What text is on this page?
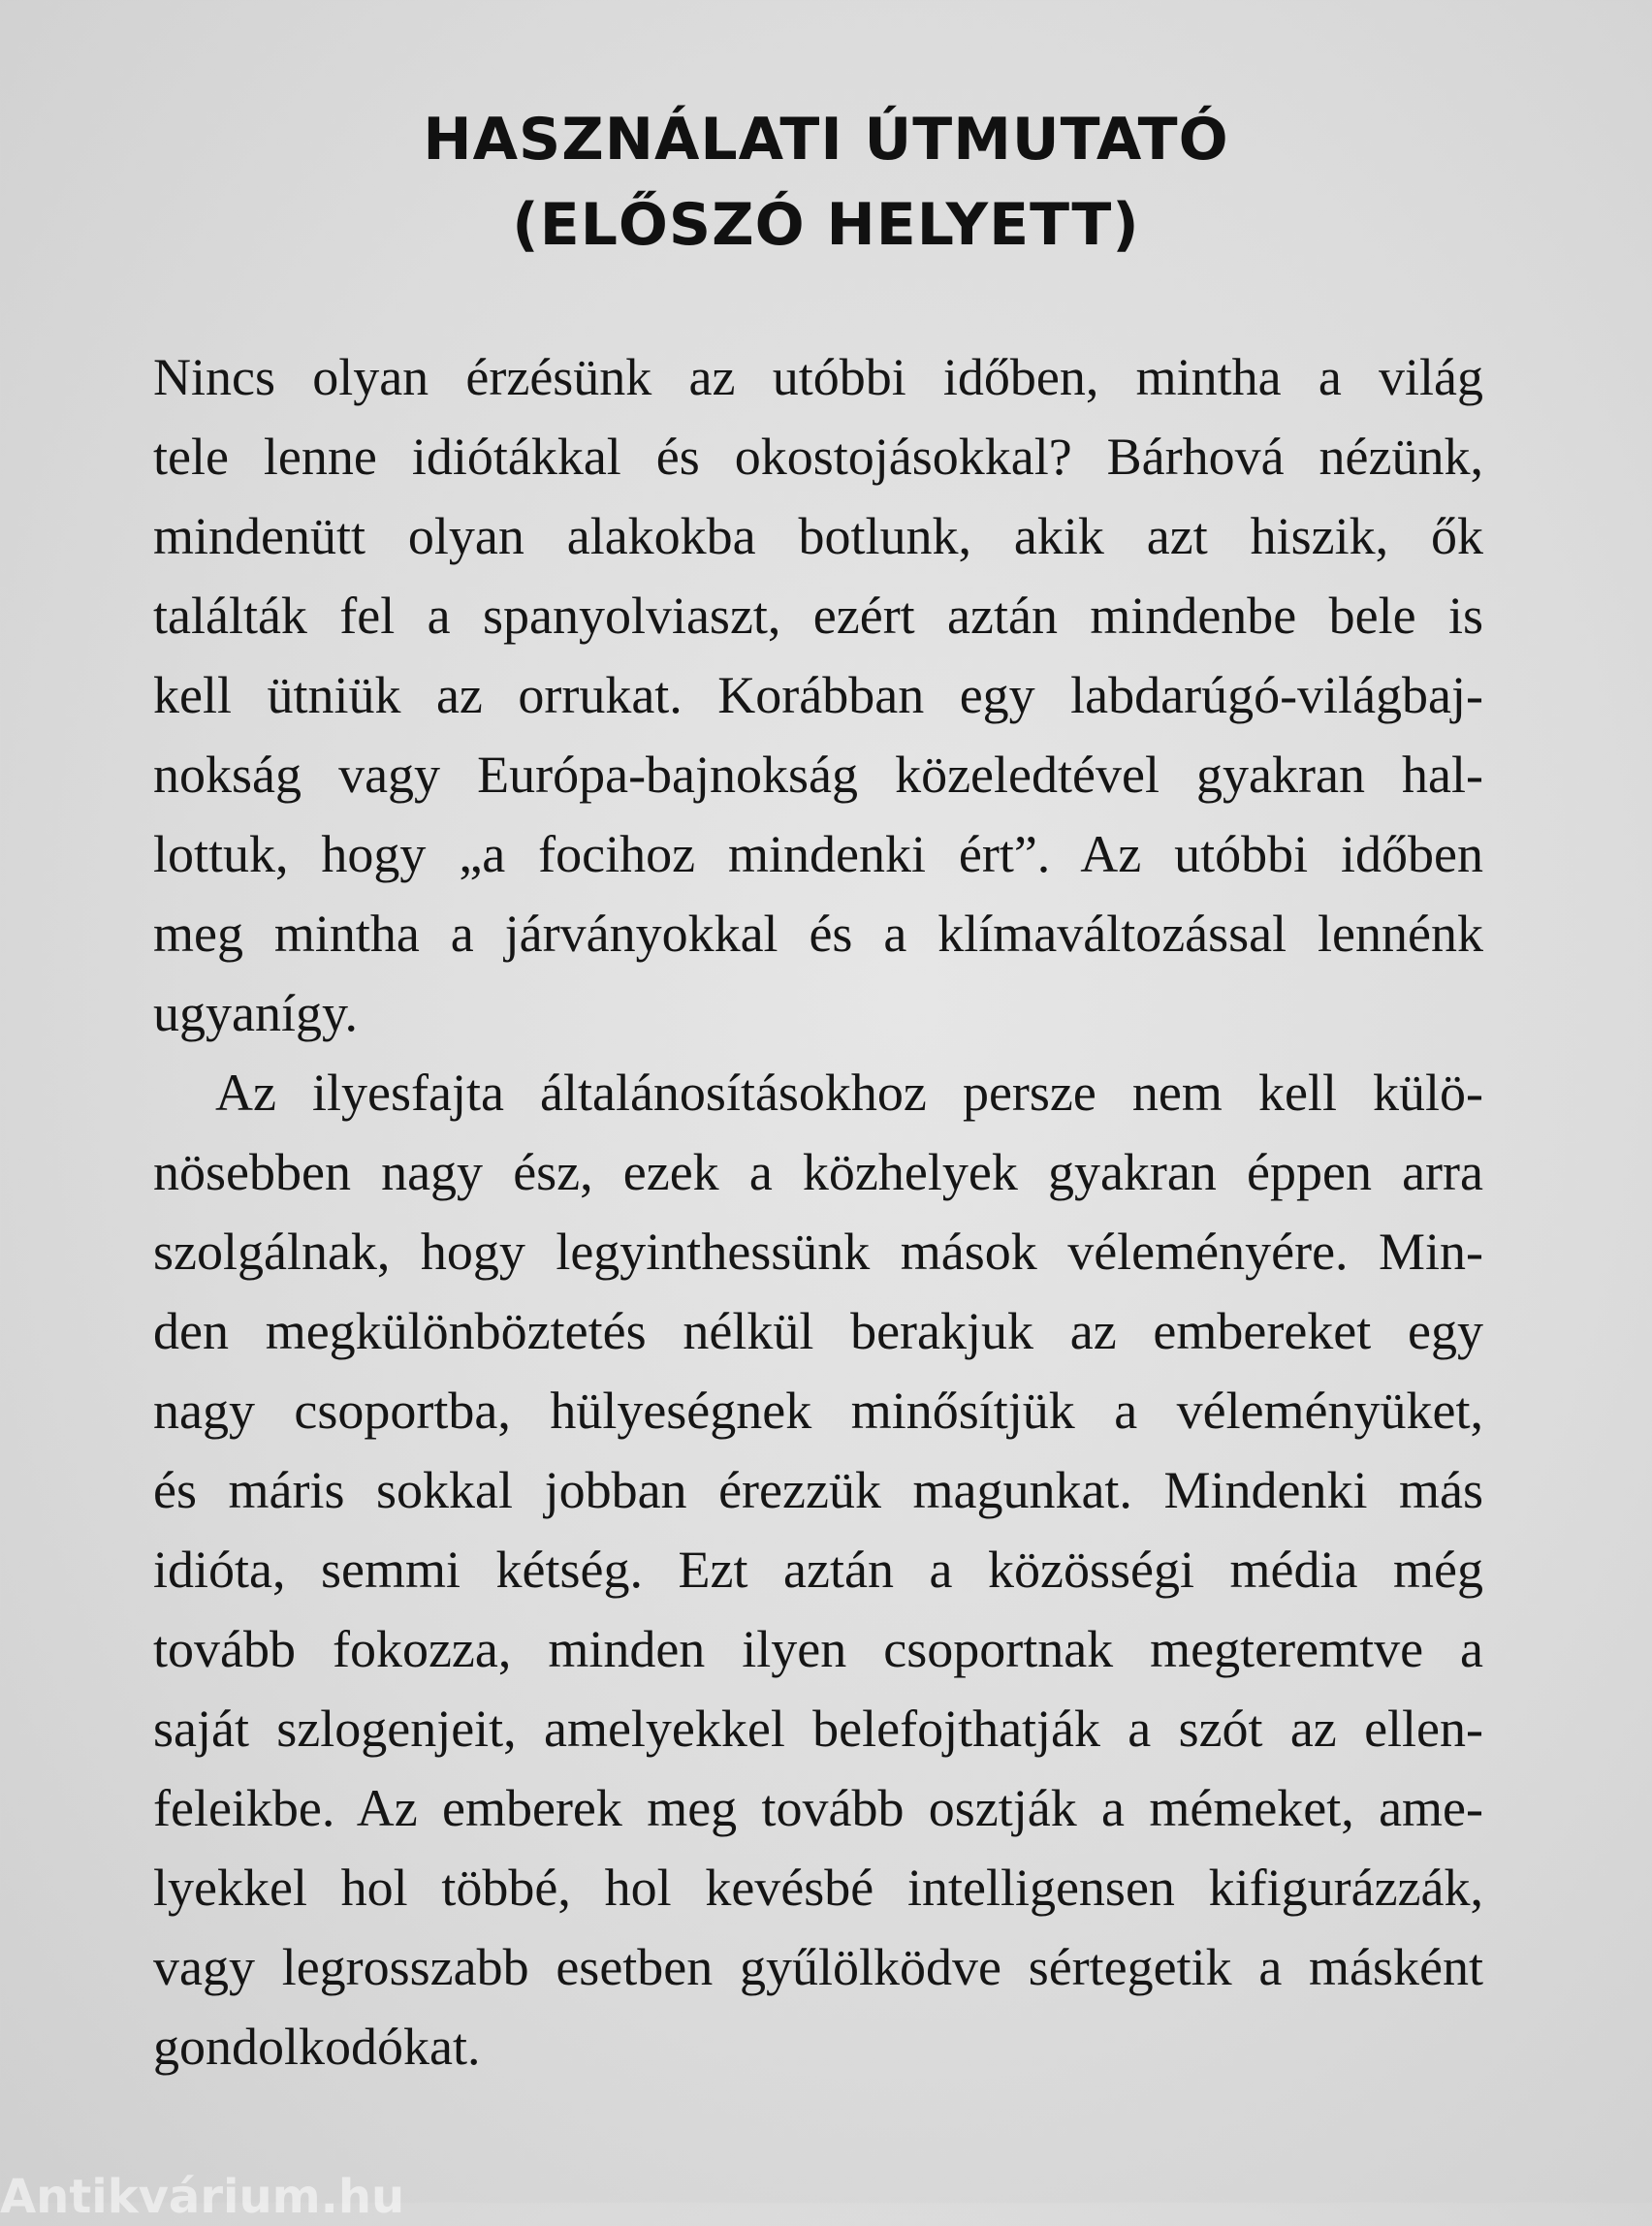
HASZNÁLATI ÚTMUTATÓ
(ELŐSZÓ HELYETT)
Nincs olyan érzésünk az utóbbi időben, mintha a világ
tele lenne idiótákkal és okostojásokkal? Bárhová nézünk,
mindenütt olyan alakokba botlunk, akik azt hiszik, ők
találták fel a spanyolviaszt, ezért aztán mindenbe bele is
kell ütniük az orrukat. Korábban egy labdarúgó-világbaj-
nokság vagy Európa-bajnokság közeledtével gyakran hal-
lottuk, hogy „a focihoz mindenki ért”. Az utóbbi időben
meg mintha a járványokkal és a klímaváltozással lennénk
ugyanígy.
Az ilyesfajta általánosításokhoz persze nem kell külö-
nösebben nagy ész, ezek a közhelyek gyakran éppen arra
szolgálnak, hogy legyinthessünk mások véleményére. Min-
den megkülönböztetés nélkül berakjuk az embereket egy
nagy csoportba, hülyeségnek minősítjük a véleményüket,
és máris sokkal jobban érezzük magunkat. Mindenki más
idióta, semmi kétség. Ezt aztán a közösségi média még
tovább fokozza, minden ilyen csoportnak megteremtve a
saját szlogenjeit, amelyekkel belefojthatják a szót az ellen-
feleikbe. Az emberek meg tovább osztják a mémeket, ame-
lyekkel hol többé, hol kevésbé intelligensen kifigurázzák,
vagy legrosszabb esetben gyűlölködve sértegetik a másként
gondolkodókat.
Antikvárium.hu
